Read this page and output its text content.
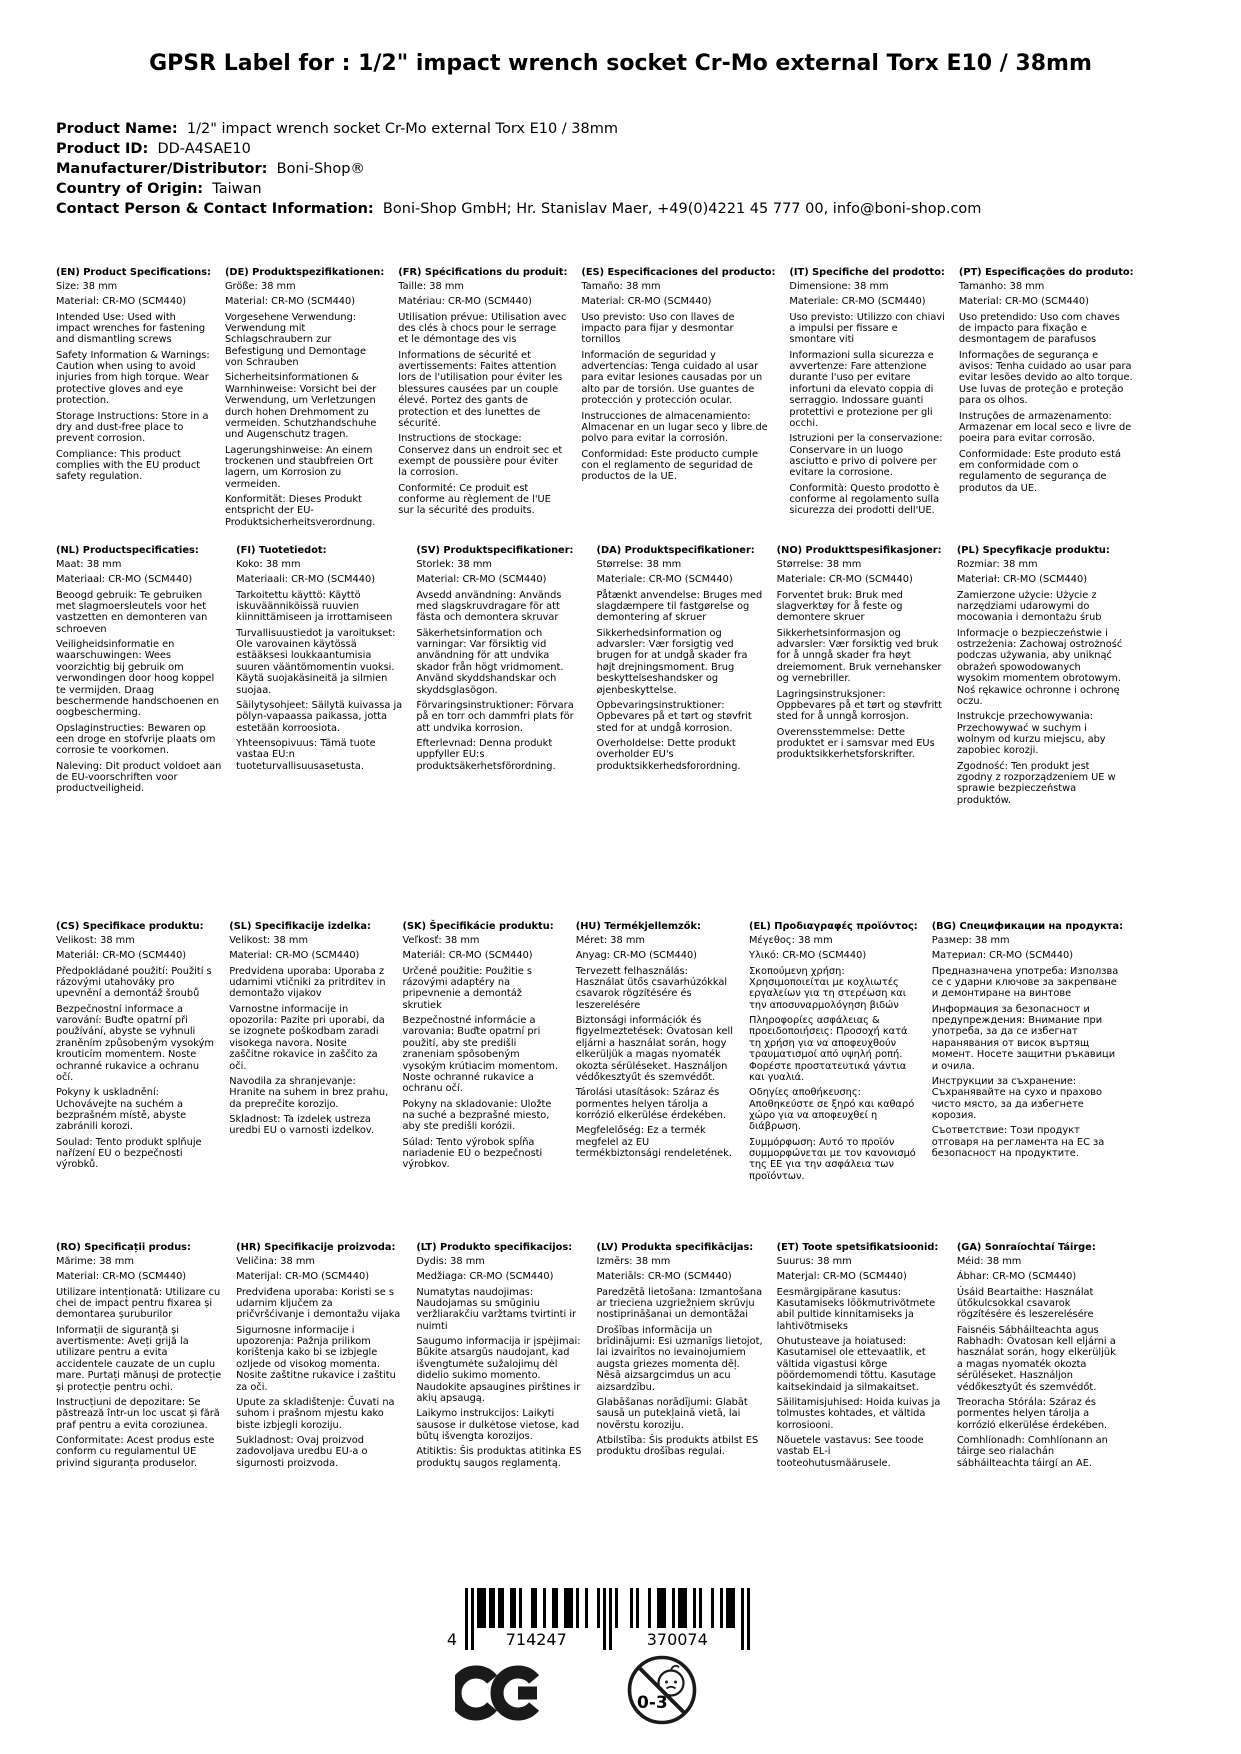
GPSR Label for : 1/2" impact wrench socket Cr-Mo external Torx E10 / 38mm
Product Name:  1/2" impact wrench socket Cr-Mo external Torx E10 / 38mm
Product ID:  DD-A4SAE10
Manufacturer/Distributor:  Boni-Shop®
Country of Origin:  Taiwan
Contact Person & Contact Information:  Boni-Shop GmbH; Hr. Stanislav Maer, +49(0)4221 45 777 00, info@boni-shop.com
(EN) Product Specifications:

Size: 38 mm

Material: CR-MO (SCM440)

Intended Use: Used with impact wrenches for fastening and dismantling screws

Safety Information & Warnings: Caution when using to avoid injuries from high torque. Wear protective gloves and eye protection.

Storage Instructions: Store in a dry and dust-free place to prevent corrosion.

Compliance: This product complies with the EU product safety regulation.

(DE) Produktspezifikationen:

Größe: 38 mm

Material: CR-MO (SCM440)

Vorgesehene Verwendung: Verwendung mit Schlagschraubern zur Befestigung und Demontage von Schrauben

Sicherheitsinformationen & Warnhinweise: Vorsicht bei der Verwendung, um Verletzungen durch hohen Drehmoment zu vermeiden. Schutzhandschuhe und Augenschutz tragen.

Lagerungshinweise: An einem trockenen und staubfreien Ort lagern, um Korrosion zu vermeiden.

Konformität: Dieses Produkt entspricht der EU-Produktsicherheitsverordnung.

(FR) Spécifications du produit:

Taille: 38 mm

Matériau: CR-MO (SCM440)

Utilisation prévue: Utilisation avec des clés à chocs pour le serrage et le démontage des vis

Informations de sécurité et avertissements: Faites attention lors de l'utilisation pour éviter les blessures causées par un couple élevé. Portez des gants de protection et des lunettes de sécurité.

Instructions de stockage: Conservez dans un endroit sec et exempt de poussière pour éviter la corrosion.

Conformité: Ce produit est conforme au règlement de l'UE sur la sécurité des produits.

(ES) Especificaciones del producto:

Tamaño: 38 mm

Material: CR-MO (SCM440)

Uso previsto: Uso con llaves de impacto para fijar y desmontar tornillos

Información de seguridad y advertencias: Tenga cuidado al usar para evitar lesiones causadas por un alto par de torsión. Use guantes de protección y protección ocular.

Instrucciones de almacenamiento: Almacenar en un lugar seco y libre de polvo para evitar la corrosión.

Conformidad: Este producto cumple con el reglamento de seguridad de productos de la UE.

(IT) Specifiche del prodotto:

Dimensione: 38 mm

Materiale: CR-MO (SCM440)

Uso previsto: Utilizzo con chiavi a impulsi per fissare e smontare viti

Informazioni sulla sicurezza e avvertenze: Fare attenzione durante l'uso per evitare infortuni da elevato coppia di serraggio. Indossare guanti protettivi e protezione per gli occhi.

Istruzioni per la conservazione: Conservare in un luogo asciutto e privo di polvere per evitare la corrosione.

Conformità: Questo prodotto è conforme al regolamento sulla sicurezza dei prodotti dell'UE.

(PT) Especificações do produto:

Tamanho: 38 mm

Material: CR-MO (SCM440)

Uso pretendido: Uso com chaves de impacto para fixação e desmontagem de parafusos

Informações de segurança e avisos: Tenha cuidado ao usar para evitar lesões devido ao alto torque. Use luvas de proteção e proteção para os olhos.

Instruções de armazenamento: Armazenar em local seco e livre de poeira para evitar corrosão.

Conformidade: Este produto está em conformidade com o regulamento de segurança de produtos da UE.

(NL) Productspecificaties:

Maat: 38 mm

Materiaal: CR-MO (SCM440)

Beoogd gebruik: Te gebruiken met slagmoersleutels voor het vastzetten en demonteren van schroeven

Veiligheidsinformatie en waarschuwingen: Wees voorzichtig bij gebruik om verwondingen door hoog koppel te vermijden. Draag beschermende handschoenen en oogbescherming.

Opslaginstructies: Bewaren op een droge en stofvrije plaats om corrosie te voorkomen.

Naleving: Dit product voldoet aan de EU-voorschriften voor productveiligheid.

(FI) Tuotetiedot:

Koko: 38 mm

Materiaali: CR-MO (SCM440)

Tarkoitettu käyttö: Käyttö iskuväänniköissä ruuvien kiinnittämiseen ja irrottamiseen

Turvallisuustiedot ja varoitukset: Ole varovainen käytössä estääksesi loukkaantumisia suuren vääntömomentin vuoksi. Käytä suojakäsineitä ja silmien suojaa.

Säilytysohjeet: Säilytä kuivassa ja pölyn-vapaassa paikassa, jotta estetään korroosiota.

Yhteensopivuus: Tämä tuote vastaa EU:n tuoteturvallisuusasetusta.

(SV) Produktspecifikationer:

Storlek: 38 mm

Material: CR-MO (SCM440)

Avsedd användning: Används med slagskruvdragare för att fästa och demontera skruvar

Säkerhetsinformation och varningar: Var försiktig vid användning för att undvika skador från högt vridmoment. Använd skyddshandskar och skyddsglasögon.

Förvaringsinstruktioner: Förvara på en torr och dammfri plats för att undvika korrosion.

Efterlevnad: Denna produkt uppfyller EU:s produktsäkerhetsförordning.

(DA) Produktspecifikationer:

Størrelse: 38 mm

Materiale: CR-MO (SCM440)

Påtænkt anvendelse: Bruges med slagdæmpere til fastgørelse og demontering af skruer

Sikkerhedsinformation og advarsler: Vær forsigtig ved brugen for at undgå skader fra højt drejningsmoment. Brug beskyttelseshandsker og øjenbeskyttelse.

Opbevaringsinstruktioner: Opbevares på et tørt og støvfrit sted for at undgå korrosion.

Overholdelse: Dette produkt overholder EU's produktsikkerhedsforordning.

(NO) Produkttspesifikasjoner:

Størrelse: 38 mm

Materiale: CR-MO (SCM440)

Forventet bruk: Bruk med slagverktøy for å feste og demontere skruer

Sikkerhetsinformasjon og advarsler: Vær forsiktig ved bruk for å unngå skader fra høyt dreiemoment. Bruk vernehansker og vernebriller.

Lagringsinstruksjoner: Oppbevares på et tørt og støvfritt sted for å unngå korrosjon.

Overensstemmelse: Dette produktet er i samsvar med EUs produktsikkerhetsforskrifter.

(PL) Specyfikacje produktu:

Rozmiar: 38 mm

Materiał: CR-MO (SCM440)

Zamierzone użycie: Użycie z narzędziami udarowymi do mocowania i demontażu śrub

Informacje o bezpieczeństwie i ostrzeżenia: Zachowaj ostrożność podczas używania, aby uniknąć obrażeń spowodowanych wysokim momentem obrotowym. Noś rękawice ochronne i ochronę oczu.

Instrukcje przechowywania: Przechowywać w suchym i wolnym od kurzu miejscu, aby zapobiec korozji.

Zgodność: Ten produkt jest zgodny z rozporządzeniem UE w sprawie bezpieczeństwa produktów.

(CS) Specifikace produktu:

Velikost: 38 mm

Materiál: CR-MO (SCM440)

Předpokládané použití: Použití s rázovými utahováky pro upevnění a demontáž šroubů

Bezpečnostní informace a varování: Buďte opatrní při používání, abyste se vyhnuli zraněním způsobeným vysokým krouticím momentem. Noste ochranné rukavice a ochranu očí.

Pokyny k uskladnění: Uchovávejte na suchém a bezprašném místě, abyste zabránili korozi.

Soulad: Tento produkt splňuje nařízení EU o bezpečnosti výrobků.

(SL) Specifikacije izdelka:

Velikost: 38 mm

Material: CR-MO (SCM440)

Predvidena uporaba: Uporaba z udarnimi vtičniki za pritrditev in demontažo vijakov

Varnostne informacije in opozorila: Pazite pri uporabi, da se izognete poškodbam zaradi visokega navora. Nosite zaščitne rokavice in zaščito za oči.

Navodila za shranjevanje: Hranite na suhem in brez prahu, da preprečite korozijo.

Skladnost: Ta izdelek ustreza uredbi EU o varnosti izdelkov.

(SK) Špecifikácie produktu:

Veľkosť: 38 mm

Materiál: CR-MO (SCM440)

Určené použitie: Použitie s rázovými adaptéry na pripevnenie a demontáž skrutiek

Bezpečnostné informácie a varovania: Buďte opatrní pri použití, aby ste predišli zraneniam spôsobeným vysokým krútiacim momentom. Noste ochranné rukavice a ochranu očí.

Pokyny na skladovanie: Uložte na suché a bezprašné miesto, aby ste predišli korózii.

Súlad: Tento výrobok spĺňa nariadenie EÚ o bezpečnosti výrobkov.

(HU) Termékjellemzők:

Méret: 38 mm

Anyag: CR-MO (SCM440)

Tervezett felhasználás: Használat ütős csavarhúzókkal csavarok rögzítésére és leszerelésére

Biztonsági információk és figyelmeztetések: Óvatosan kell eljárni a használat során, hogy elkerüljük a magas nyomaték okozta sérüléseket. Használjon védőkesztyűt és szemvédőt.

Tárolási utasítások: Száraz és pormentes helyen tárolja a korrózió elkerülése érdekében.

Megfelelőség: Ez a termék megfelel az EU termékbiztonsági rendeletének.

(EL) Προδιαγραφές προϊόντος:

Μέγεθος: 38 mm

Υλικό: CR-MO (SCM440)

Σκοπούμενη χρήση: Χρησιμοποιείται με κοχλιωτές εργαλείων για τη στερέωση και την αποσυναρμολόγηση βιδών

Πληροφορίες ασφάλειας & προειδοποιήσεις: Προσοχή κατά τη χρήση για να αποφευχθούν τραυματισμοί από υψηλή ροπή. Φορέστε προστατευτικά γάντια και γυαλιά.

Οδηγίες αποθήκευσης: Αποθηκεύστε σε ξηρό και καθαρό χώρο για να αποφευχθεί η διάβρωση.

Συμμόρφωση: Αυτό το προϊόν συμμορφώνεται με τον κανονισμό της ΕΕ για την ασφάλεια των προϊόντων.

(BG) Спецификации на продукта:

Размер: 38 mm

Материал: CR-MO (SCM440)

Предназначена употреба: Използва се с ударни ключове за закрепване и демонтиране на винтове

Информация за безопасност и предупреждения: Внимание при употреба, за да се избегнат наранявания от висок въртящ момент. Носете защитни ръкавици и очила.

Инструкции за съхранение: Съхранявайте на сухо и прахово чисто място, за да избегнете корозия.

Съответствие: Този продукт отговаря на регламента на ЕС за безопасност на продуктите.

(RO) Specificații produs:

Mărime: 38 mm

Material: CR-MO (SCM440)

Utilizare intenționată: Utilizare cu chei de impact pentru fixarea și demontarea șuruburilor

Informații de siguranță și avertismente: Aveți grijă la utilizare pentru a evita accidentele cauzate de un cuplu mare. Purtați mănuși de protecție și protecție pentru ochi.

Instrucțiuni de depozitare: Se păstrează într-un loc uscat și fără praf pentru a evita coroziunea.

Conformitate: Acest produs este conform cu regulamentul UE privind siguranța produselor.

(HR) Specifikacije proizvoda:

Veličina: 38 mm

Materijal: CR-MO (SCM440)

Predviđena uporaba: Koristi se s udarnim ključem za pričvršćivanje i demontažu vijaka

Sigurnosne informacije i upozorenja: Pažnja prilikom korištenja kako bi se izbjegle ozljede od visokog momenta. Nosite zaštitne rukavice i zaštitu za oči.

Upute za skladištenje: Čuvati na suhom i prašnom mjestu kako biste izbjegli koroziju.

Sukladnost: Ovaj proizvod zadovoljava uredbu EU-a o sigurnosti proizvoda.

(LT) Produkto specifikacijos:

Dydis: 38 mm

Medžiaga: CR-MO (SCM440)

Numatytas naudojimas: Naudojamas su smūginiu veržliarakčiu varžtams tvirtinti ir nuimti

Saugumo informacija ir įspėjimai: Būkite atsargūs naudojant, kad išvengtumėte sužalojimų dėl didelio sukimo momento. Naudokite apsaugines pirštines ir akių apsaugą.

Laikymo instrukcijos: Laikyti sausose ir dulkėtose vietose, kad būtų išvengta korozijos.

Atitiktis: Šis produktas atitinka ES produktų saugos reglamentą.

(LV) Produkta specifikācijas:

Izmērs: 38 mm

Materiāls: CR-MO (SCM440)

Paredzētā lietošana: Izmantošana ar trieciena uzgriežņiem skrūvju nostiprināšanai un demontāžai

Drošības informācija un brīdinājumi: Esi uzmanīgs lietojot, lai izvairītos no ievainojumiem augsta griezes momenta dēļ. Nēsā aizsargcimdus un acu aizsardzību.

Glabāšanas norādījumi: Glabāt sausā un putekļainā vietā, lai novērstu koroziju.

Atbilstība: Šis produkts atbilst ES produktu drošības regulai.

(ET) Toote spetsifikatsioonid:

Suurus: 38 mm

Materjal: CR-MO (SCM440)

Eesmärgipärane kasutus: Kasutamiseks löökmutrivõtmete abil pultide kinnitamiseks ja lahtivõtmiseks

Ohutusteave ja hoiatused: Kasutamisel ole ettevaatlik, et vältida vigastusi kõrge pöördemomendi tõttu. Kasutage kaitsekindaid ja silmakaitset.

Säilitamisjuhised: Hoida kuivas ja tolmustes kohtades, et vältida korrosiooni.

Nõuetele vastavus: See toode vastab EL-i tooteohutusmäärusele.

(GA) Sonraíochtaí Táirge:

Méid: 38 mm

Ábhar: CR-MO (SCM440)

Úsáid Beartaithe: Használat ütőkulcsokkal csavarok rögzítésére és leszerelésére

Faisnéis Sábháilteachta agus Rabhadh: Óvatosan kell eljárni a használat során, hogy elkerüljük a magas nyomaték okozta sérüléseket. Használjon védőkesztyűt és szemvédőt.

Treoracha Stórála: Száraz és pormentes helyen tárolja a korrózió elkerülése érdekében.

Comhlíonadh: Comhlíonann an táirge seo rialachán sábháilteachta táirgí an AE.

4	714247	370074
0-3
